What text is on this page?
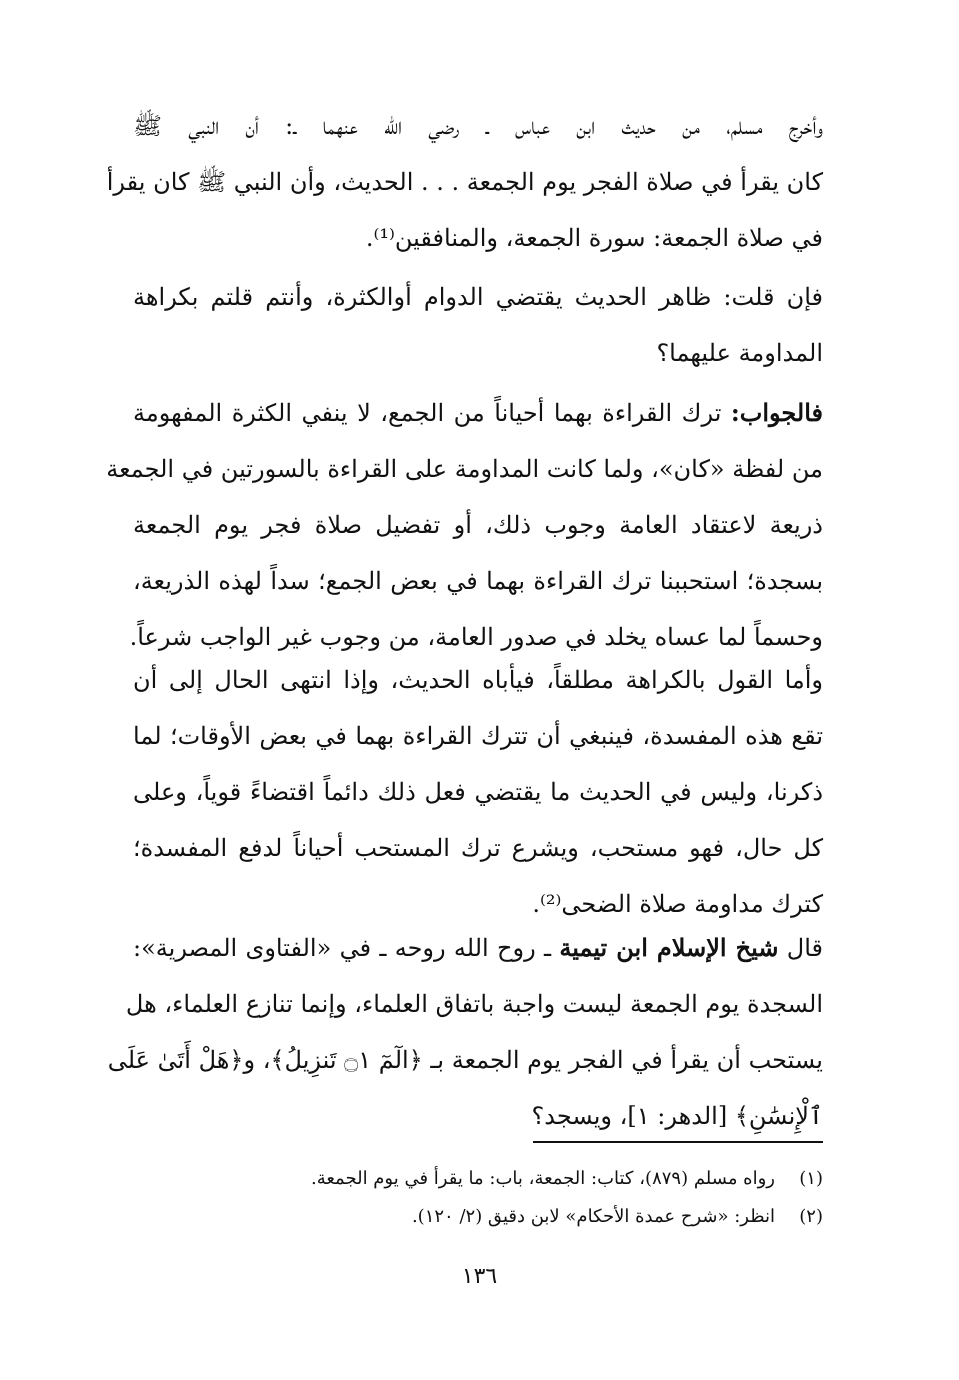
وأخرج مسلم، من حديث ابن عباس ـ رضي الله عنهما ـ: أن النبي ﷺ
كان يقرأ في صلاة الفجر يوم الجمعة . . . الحديث، وأن النبي ﷺ كان يقرأ
في صلاة الجمعة: سورة الجمعة، والمنافقين⁽¹⁾.
فإن قلت: ظاهر الحديث يقتضي الدوام أوالكثرة، وأنتم قلتم بكراهة
المداومة عليهما؟
فالجواب: ترك القراءة بهما أحياناً من الجمع، لا ينفي الكثرة المفهومة
من لفظة «كان»، ولما كانت المداومة على القراءة بالسورتين في الجمعة
ذريعة لاعتقاد العامة وجوب ذلك، أو تفضيل صلاة فجر يوم الجمعة
بسجدة؛ استحببنا ترك القراءة بهما في بعض الجمع؛ سداً لهذه الذريعة،
وحسماً لما عساه يخلد في صدور العامة، من وجوب غير الواجب شرعاً.
وأما القول بالكراهة مطلقاً، فيأباه الحديث، وإذا انتهى الحال إلى أن
تقع هذه المفسدة، فينبغي أن تترك القراءة بهما في بعض الأوقات؛ لما
ذكرنا، وليس في الحديث ما يقتضي فعل ذلك دائماً اقتضاءً قوياً، وعلى
كل حال، فهو مستحب، ويشرع ترك المستحب أحياناً لدفع المفسدة؛
كترك مداومة صلاة الضحى⁽²⁾.
قال شيخ الإسلام ابن تيمية ـ روح الله روحه ـ في «الفتاوى المصرية»:
السجدة يوم الجمعة ليست واجبة باتفاق العلماء، وإنما تنازع العلماء، هل
يستحب أن يقرأ في الفجر يوم الجمعة بـ ﴿الٓمٓ ۝١ تَنزِيلُ﴾، و﴿هَلْ أَتَىٰ عَلَى
ٱلْإِنسَٰنِ﴾ [الدهر: ١]، ويسجد؟
(١)رواه مسلم (٨٧٩)، كتاب: الجمعة، باب: ما يقرأ في يوم الجمعة.
(٢)انظر: «شرح عمدة الأحكام» لابن دقيق (٢/ ١٢٠).
١٣٦
